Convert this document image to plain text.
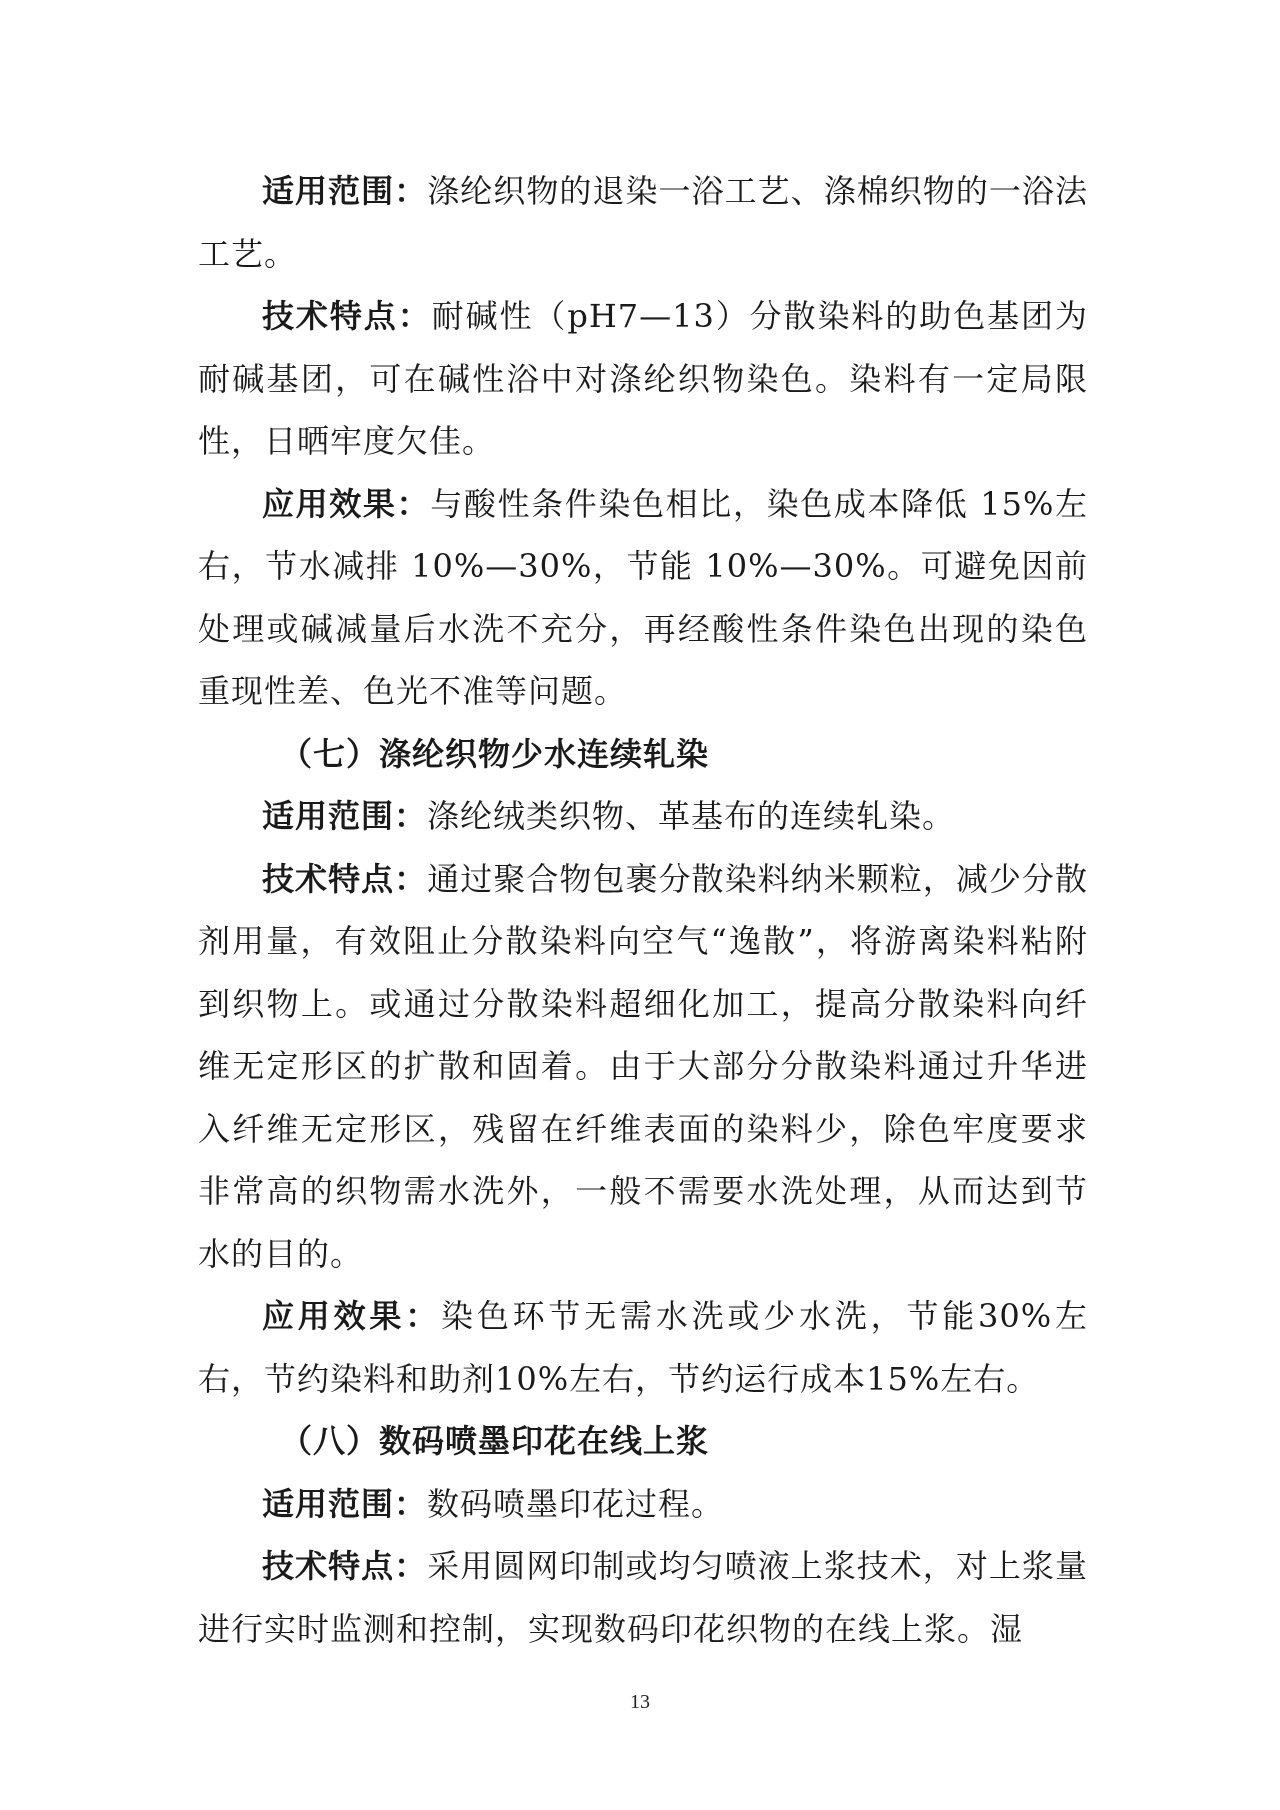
适用范围：涤纶织物的退染一浴工艺、涤棉织物的一浴法工艺。

技术特点：耐碱性（pH7—13）分散染料的助色基团为耐碱基团，可在碱性浴中对涤纶织物染色。染料有一定局限性，日晒牢度欠佳。

应用效果：与酸性条件染色相比，染色成本降低 15%左右，节水减排 10%—30%，节能 10%—30%。可避免因前处理或碱减量后水洗不充分，再经酸性条件染色出现的染色重现性差、色光不准等问题。

（七）涤纶织物少水连续轧染

适用范围：涤纶绒类织物、革基布的连续轧染。

技术特点：通过聚合物包裹分散染料纳米颗粒，减少分散剂用量，有效阻止分散染料向空气“逸散”，将游离染料粘附到织物上。或通过分散染料超细化加工，提高分散染料向纤维无定形区的扩散和固着。由于大部分分散染料通过升华进入纤维无定形区，残留在纤维表面的染料少，除色牢度要求非常高的织物需水洗外，一般不需要水洗处理，从而达到节水的目的。

应用效果：染色环节无需水洗或少水洗，节能30%左右，节约染料和助剂10%左右，节约运行成本15%左右。

（八）数码喷墨印花在线上浆

适用范围：数码喷墨印花过程。

技术特点：采用圆网印制或均匀喷液上浆技术，对上浆量进行实时监测和控制，实现数码印花织物的在线上浆。湿

13
